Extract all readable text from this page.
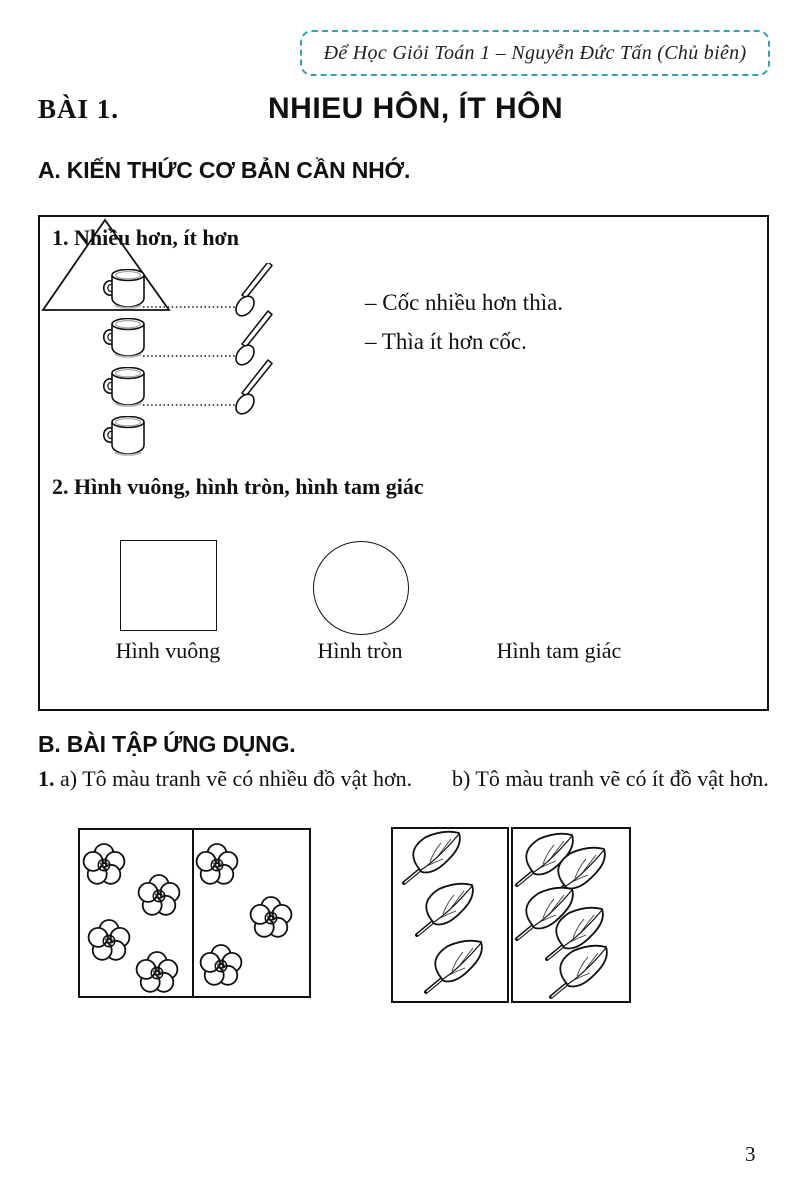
Để Học Giỏi Toán 1 – Nguyễn Đức Tấn (Chủ biên)
BÀI 1.	NHIEU HÔN, ÍT HÔN
A. KIẾN THỨC CƠ BẢN CẦN NHỚ.
1. Nhiều hơn, ít hơn
– Cốc nhiều hơn thìa.
– Thìa ít hơn cốc.
2. Hình vuông, hình tròn, hình tam giác
Hình vuông	Hình tròn	Hình tam giác
B. BÀI TẬP ỨNG DỤNG.
1. a) Tô màu tranh vẽ có nhiều đồ vật hơn. b) Tô màu tranh vẽ có ít đồ vật hơn.
3
